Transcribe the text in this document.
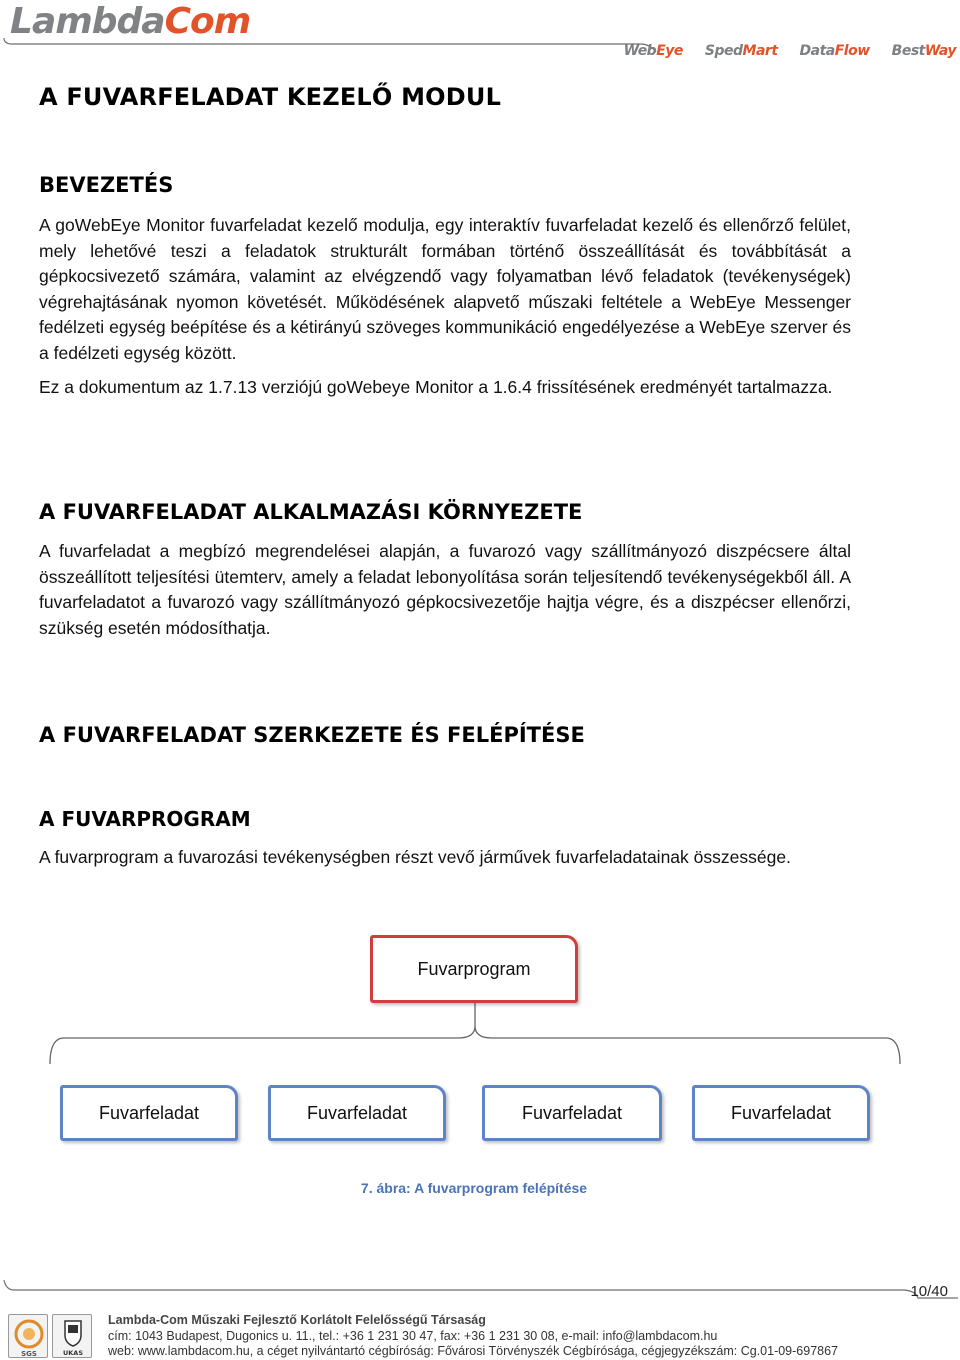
LambdaCom
WebEye SpedMart DataFlow BestWay
A FUVARFELADAT KEZELŐ MODUL
BEVEZETÉS
A goWebEye Monitor fuvarfeladat kezelő modulja, egy interaktív fuvarfeladat kezelő és ellenőrző felület, mely lehetővé teszi a feladatok strukturált formában történő összeállítását és továbbítását a gépkocsivezető számára, valamint az elvégzendő vagy folyamatban lévő feladatok (tevékenységek) végrehajtásának nyomon követését. Működésének alapvető műszaki feltétele a WebEye Messenger fedélzeti egység beépítése és a kétirányú szöveges kommunikáció engedélyezése a WebEye szerver és a fedélzeti egység között.
Ez a dokumentum az 1.7.13 verziójú goWebeye Monitor a 1.6.4 frissítésének eredményét tartalmazza.
A FUVARFELADAT ALKALMAZÁSI KÖRNYEZETE
A fuvarfeladat a megbízó megrendelései alapján, a fuvarozó vagy szállítmányozó diszpécsere által összeállított teljesítési ütemterv, amely a feladat lebonyolítása során teljesítendő tevékenységekből áll. A fuvarfeladatot a fuvarozó vagy szállítmányozó gépkocsivezetője hajtja végre, és a diszpécser ellenőrzi, szükség esetén módosíthatja.
A FUVARFELADAT SZERKEZETE ÉS FELÉPÍTÉSE
A FUVARPROGRAM
A fuvarprogram a fuvarozási tevékenységben részt vevő járművek fuvarfeladatainak összessége.
Fuvarprogram
Fuvarfeladat	Fuvarfeladat	Fuvarfeladat	Fuvarfeladat
7. ábra: A fuvarprogram felépítése
10/40
SGS	UKAS
Lambda-Com Műszaki Fejlesztő Korlátolt Felelősségű Társaság
cím: 1043 Budapest, Dugonics u. 11., tel.: +36 1 231 30 47, fax: +36 1 231 30 08, e-mail: info@lambdacom.hu
web: www.lambdacom.hu, a céget nyilvántartó cégbíróság: Fővárosi Törvényszék Cégbírósága, cégjegyzékszám: Cg.01-09-697867
